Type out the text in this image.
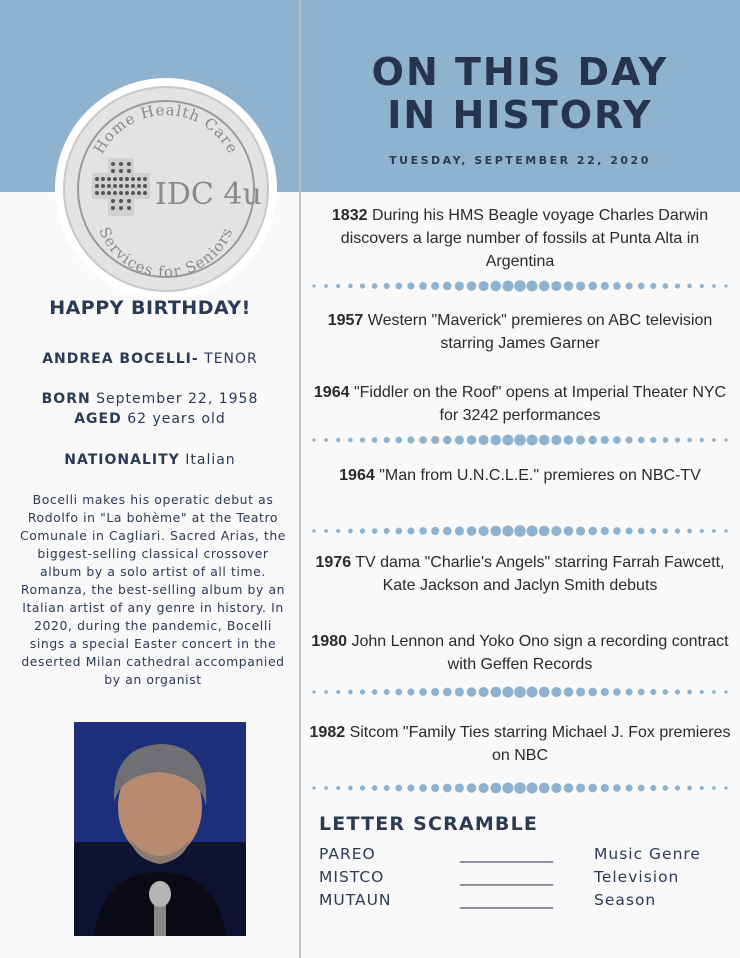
Home Health Care
Services for Seniors
IDC 4u
ON THIS DAY
IN HISTORY
TUESDAY, SEPTEMBER 22, 2020
HAPPY BIRTHDAY!
ANDREA BOCELLI- TENOR
BORN September 22, 1958
AGED 62 years old
NATIONALITY Italian
Bocelli makes his operatic debut as Rodolfo in "La bohème" at the Teatro Comunale in Cagliari. Sacred Arias, the biggest-selling classical crossover album by a solo artist of all time. Romanza, the best-selling album by an Italian artist of any genre in history. In 2020, during the pandemic, Bocelli sings a special Easter concert in the deserted Milan cathedral accompanied by an organist
1832 During his HMS Beagle voyage Charles Darwin discovers a large number of fossils at Punta Alta in Argentina
1957 Western "Maverick" premieres on ABC television starring James Garner
1964 "Fiddler on the Roof" opens at Imperial Theater NYC for 3242 performances
1964 "Man from U.N.C.L.E." premieres on NBC-TV
1976 TV dama "Charlie's Angels" starring Farrah Fawcett, Kate Jackson and Jaclyn Smith debuts
1980 John Lennon and Yoko Ono sign a recording contract with Geffen Records
1982 Sitcom "Family Ties starring Michael J. Fox premieres on NBC
LETTER SCRAMBLE
PAREO	____________	Music Genre
MISTCO	____________	Television
MUTAUN	____________	Season
